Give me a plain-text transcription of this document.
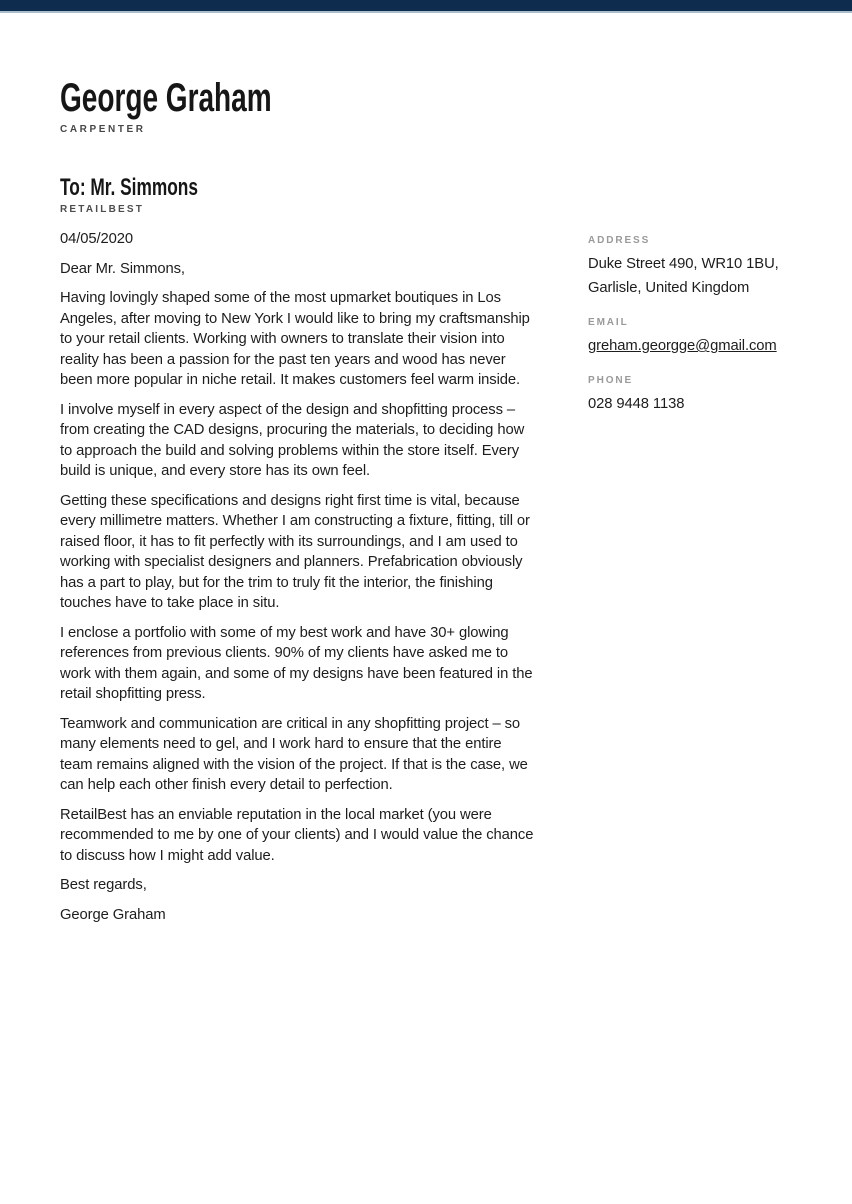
George Graham
CARPENTER
To: Mr. Simmons
RETAILBEST

04/05/2020

Dear Mr. Simmons,

Having lovingly shaped some of the most upmarket boutiques in Los Angeles, after moving to New York I would like to bring my craftsmanship to your retail clients. Working with owners to translate their vision into reality has been a passion for the past ten years and wood has never been more popular in niche retail. It makes customers feel warm inside.

I involve myself in every aspect of the design and shopfitting process – from creating the CAD designs, procuring the materials, to deciding how to approach the build and solving problems within the store itself. Every build is unique, and every store has its own feel.

Getting these specifications and designs right first time is vital, because every millimetre matters. Whether I am constructing a fixture, fitting, till or raised floor, it has to fit perfectly with its surroundings, and I am used to working with specialist designers and planners. Prefabrication obviously has a part to play, but for the trim to truly fit the interior, the finishing touches have to take place in situ.

I enclose a portfolio with some of my best work and have 30+ glowing references from previous clients. 90% of my clients have asked me to work with them again, and some of my designs have been featured in the retail shopfitting press.

Teamwork and communication are critical in any shopfitting project – so many elements need to gel, and I work hard to ensure that the entire team remains aligned with the vision of the project. If that is the case, we can help each other finish every detail to perfection.

RetailBest has an enviable reputation in the local market (you were recommended to me by one of your clients) and I would value the chance to discuss how I might add value.

Best regards,

George Graham

ADDRESS
Duke Street 490, WR10 1BU,
Garlisle, United Kingdom
EMAIL
greham.georgge@gmail.com
PHONE
028 9448 1138
